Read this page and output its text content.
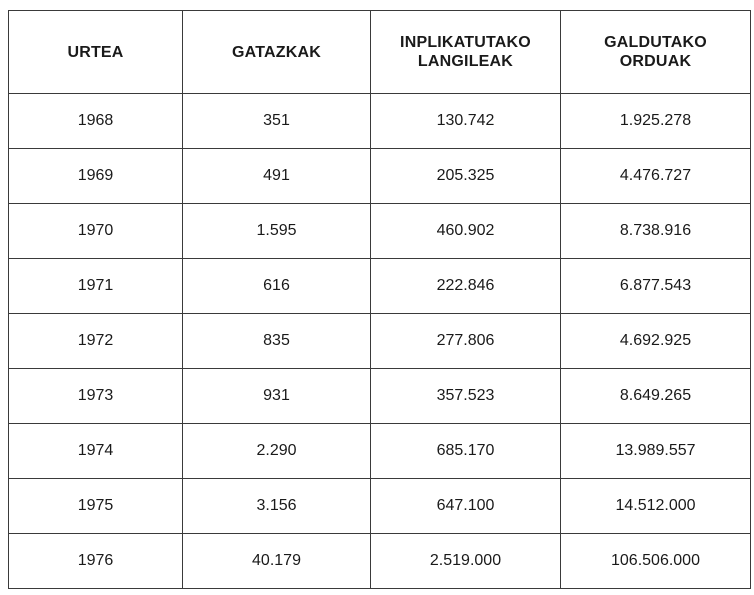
URTEA	GATAZKAK	INPLIKATUTAKO LANGILEAK	GALDUTAKO ORDUAK
1968	351	130.742	1.925.278
1969	491	205.325	4.476.727
1970	1.595	460.902	8.738.916
1971	616	222.846	6.877.543
1972	835	277.806	4.692.925
1973	931	357.523	8.649.265
1974	2.290	685.170	13.989.557
1975	3.156	647.100	14.512.000
1976	40.179	2.519.000	106.506.000
